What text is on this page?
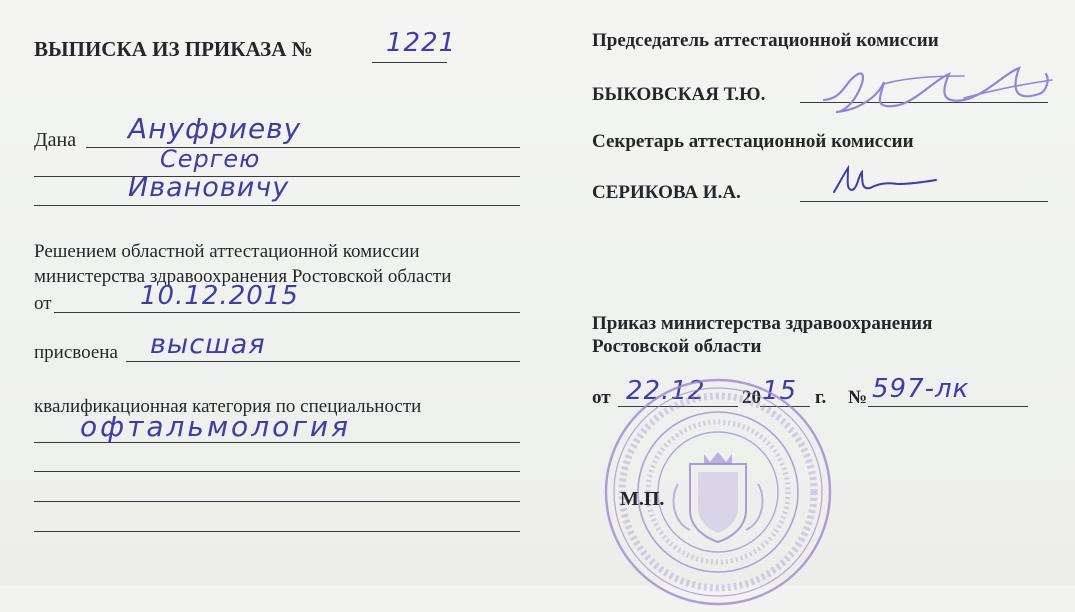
ВЫПИСКА ИЗ ПРИКАЗА №	1221
Дана Ануфриеву
Сергею
Ивановичу
Решением областной аттестационной комиссии
министерства здравоохранения Ростовской области
от	10.12.2015
присвоена высшая
квалификационная категория по специальности
офтальмология
Председатель аттестационной комиссии
БЫКОВСКАЯ Т.Ю.
Секретарь аттестационной комиссии
СЕРИКОВА И.А.
Приказ министерства здравоохранения
Ростовской области
от 22.12 20 15 г. № 597-лк
М.П.
